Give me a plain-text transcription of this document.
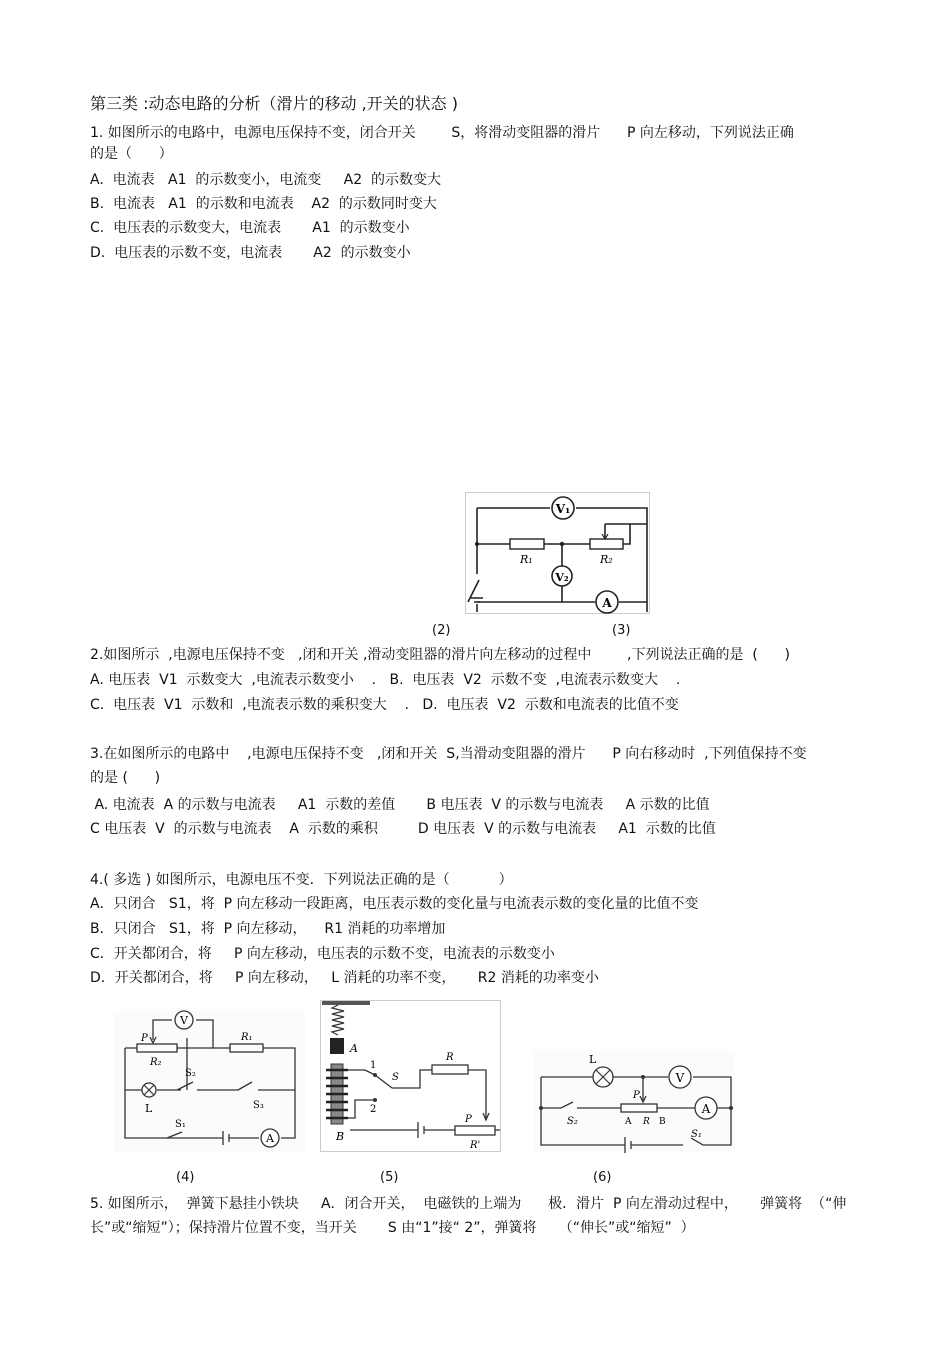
第三类 :动态电路的分析（滑片的移动 ,开关的状态 )
1. 如图所示的电路中，电源电压保持不变，闭合开关        S，将滑动变阻器的滑片      P 向左移动，下列说法正确
的是（      ）
A.  电流表   A1  的示数变小，电流变     A2  的示数变大
B.  电流表   A1  的示数和电流表    A2  的示数同时变大
C.  电压表的示数变大，电流表       A1  的示数变小
D.  电压表的示数不变，电流表       A2  的示数变小
V₁
V₂
A
R₁	R₂
(2)	(3)
2.如图所示  ,电源电压保持不变   ,闭和开关 ,滑动变阻器的滑片向左移动的过程中        ,下列说法正确的是  (      )
A. 电压表  V1  示数变大  ,电流表示数变小    .   B.  电压表  V2  示数不变  ,电流表示数变大    .
C.  电压表  V1  示数和  ,电流表示数的乘积变大    .   D.  电压表  V2  示数和电流表的比值不变
3.在如图所示的电路中    ,电源电压保持不变   ,闭和开关  S,当滑动变阻器的滑片      P 向右移动时  ,下列值保持不变
的是 (      )
A. 电流表  A 的示数与电流表     A1  示数的差值       B 电压表  V 的示数与电流表     A 示数的比值
C 电压表  V  的示数与电流表    A  示数的乘积         D 电压表  V 的示数与电流表     A1  示数的比值
4.( 多选 ) 如图所示，电源电压不变．下列说法正确的是（           ）
A．只闭合   S1，将  P 向左移动一段距离，电压表示数的变化量与电流表示数的变化量的比值不变
B．只闭合   S1，将  P 向左移动，    R1 消耗的功率增加
C．开关都闭合，将     P 向左移动，电压表的示数不变，电流表的示数变小
D．开关都闭合，将     P 向左移动，   L 消耗的功率不变，     R2 消耗的功率变小
V
A
P
R₂
R₁
S₂
S₃
S₁
L
A
B
1
2
S
R
P
R'
V
A
L
P
A R B
S₂
S₁
(4)	(5)	(6)
5. 如图所示，  弹簧下悬挂小铁块     A．闭合开关，  电磁铁的上端为      极．滑片  P 向左滑动过程中，     弹簧将  （“伸
长”或“缩短”）；保持滑片位置不变，当开关       S 由“1”接“ 2”，弹簧将     （“伸长”或“缩短”  ）
